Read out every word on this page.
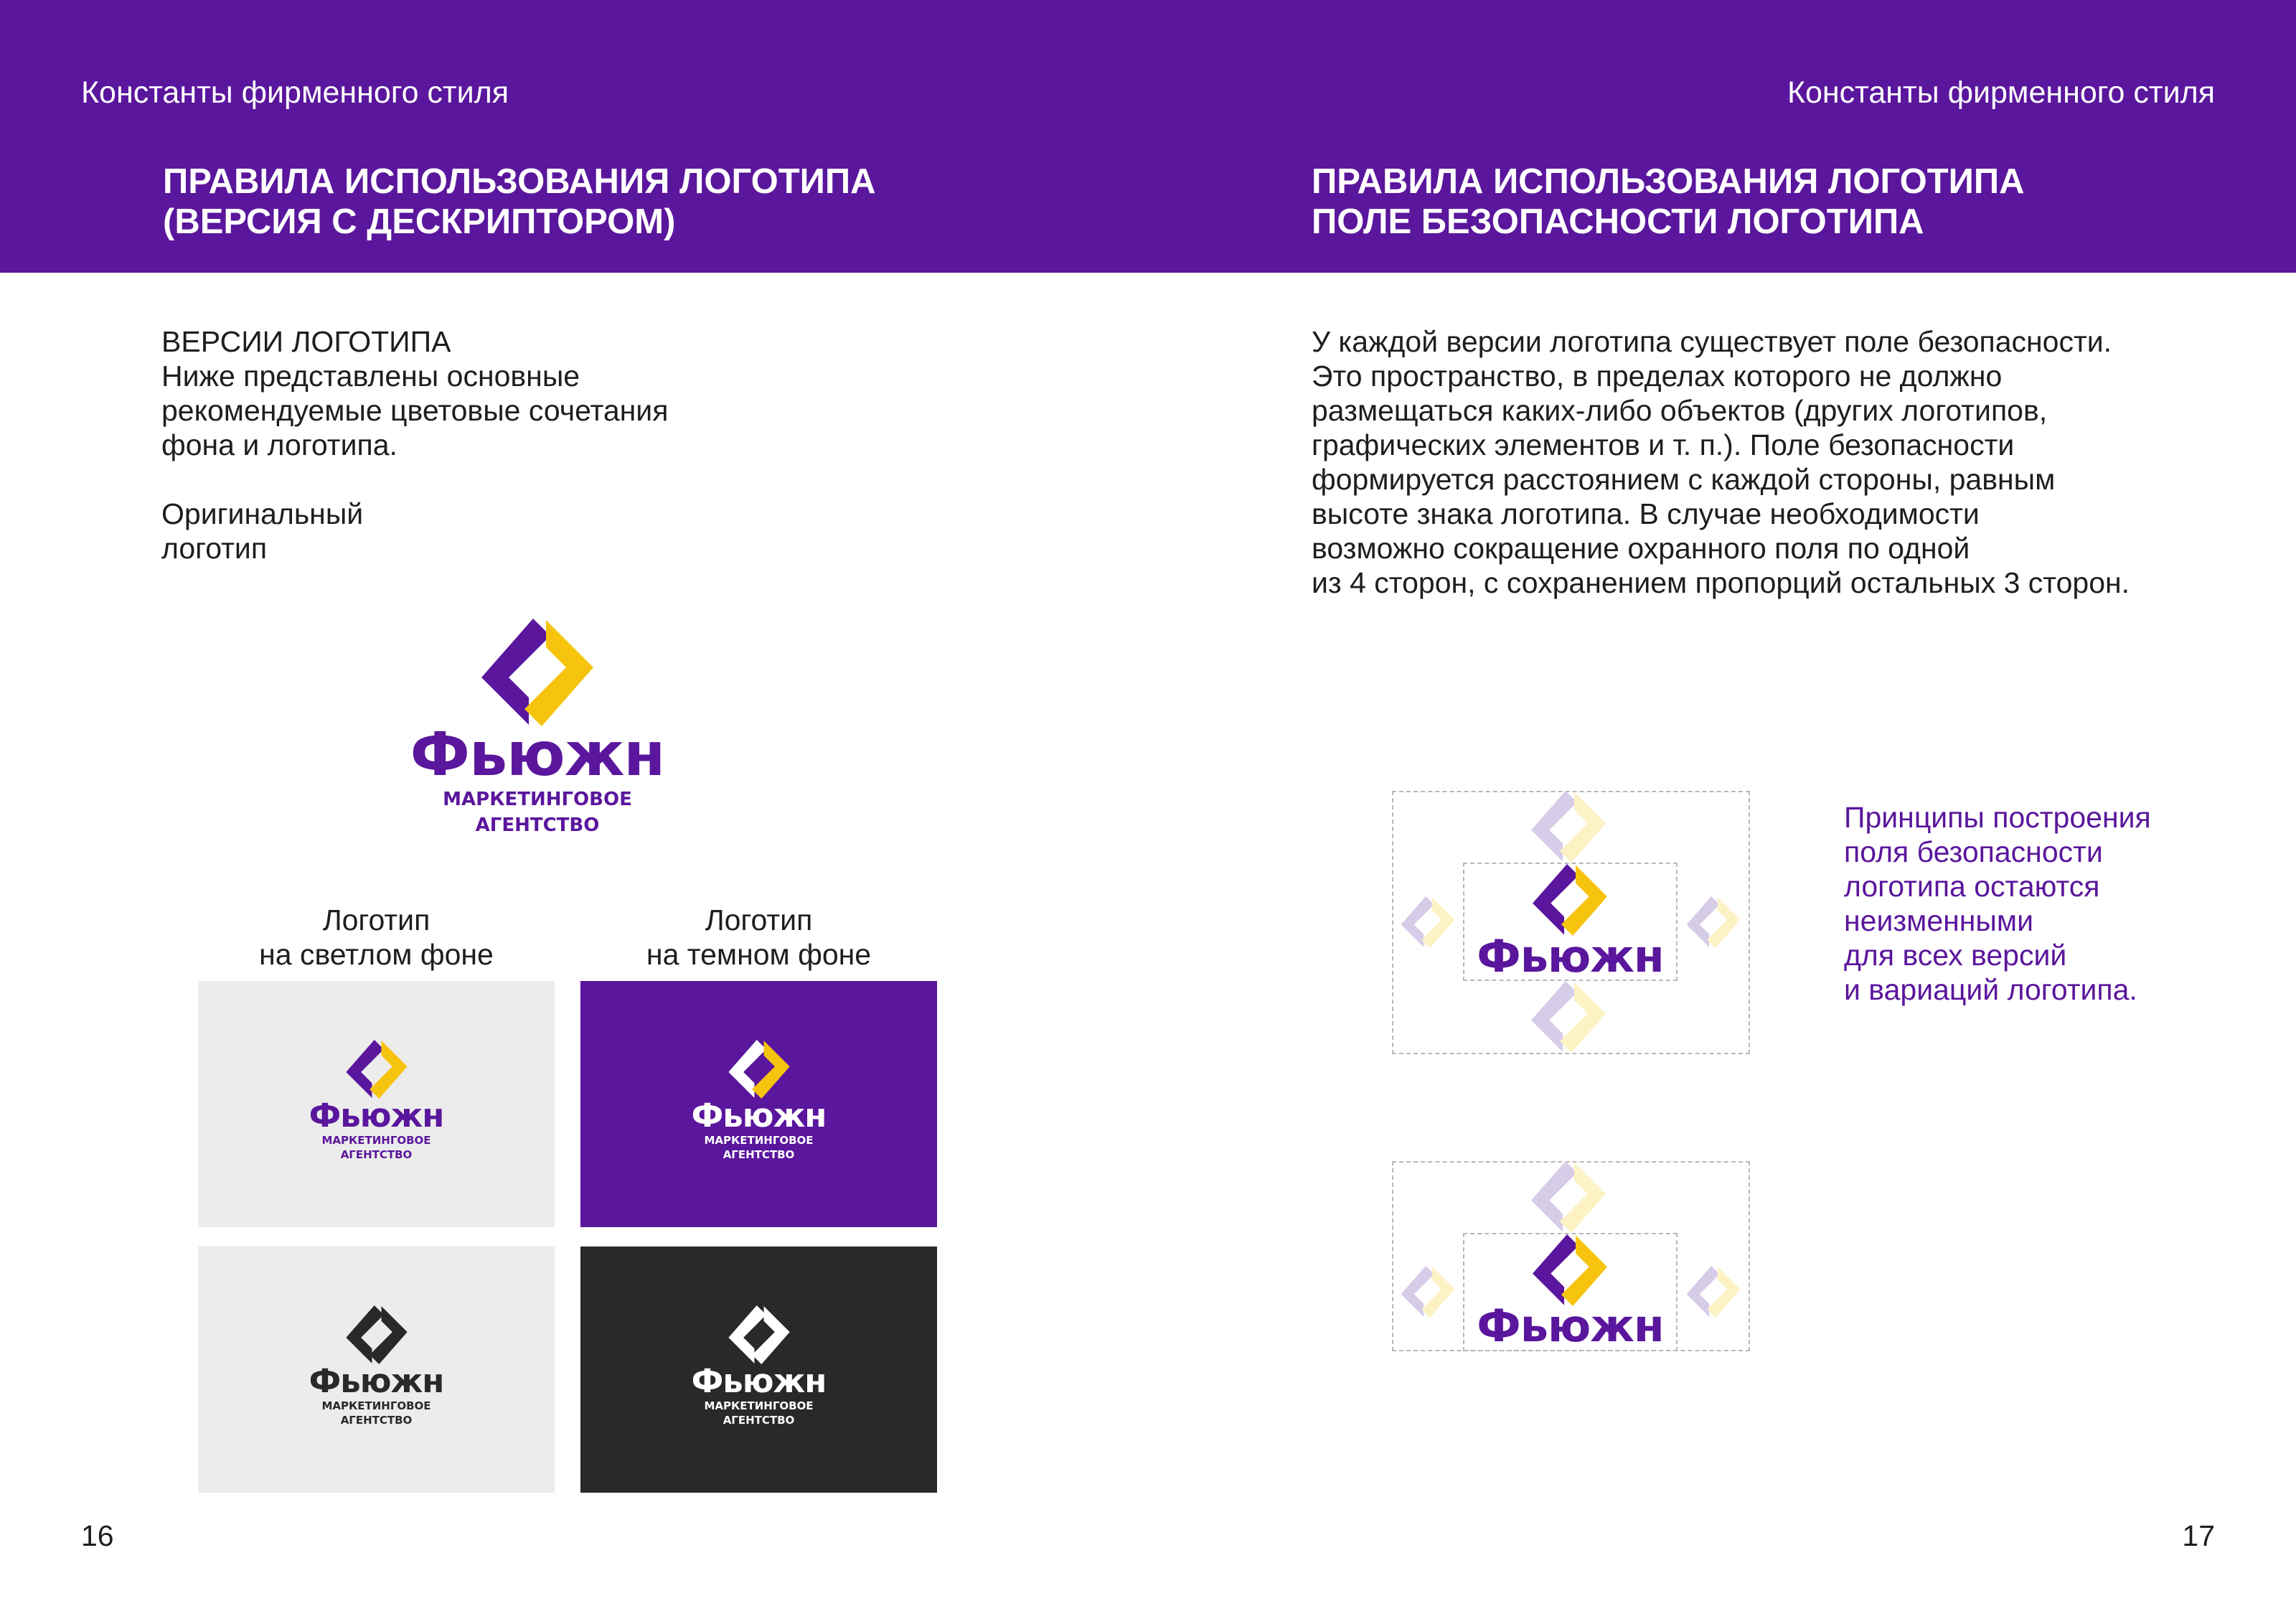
Константы фирменного стиля	Константы фирменного стиля
ПРАВИЛА ИСПОЛЬЗОВАНИЯ ЛОГОТИПА
(ВЕРСИЯ С ДЕСКРИПТОРОМ)
ПРАВИЛА ИСПОЛЬЗОВАНИЯ ЛОГОТИПА
ПОЛЕ БЕЗОПАСНОСТИ ЛОГОТИПА
ВЕРСИИ ЛОГОТИПА
Ниже представлены основные
рекомендуемые цветовые сочетания
фона и логотипа.
Оригинальный
логотип
Фьюжн
МАРКЕТИНГОВОЕ
АГЕНТСТВО
Логотип
на светлом фоне
Логотип
на темном фоне
Фьюжн
МАРКЕТИНГОВОЕ
АГЕНТСТВО
Фьюжн
МАРКЕТИНГОВОЕ
АГЕНТСТВО
Фьюжн
МАРКЕТИНГОВОЕ
АГЕНТСТВО
Фьюжн
МАРКЕТИНГОВОЕ
АГЕНТСТВО
16
У каждой версии логотипа существует поле безопасности.
Это пространство, в пределах которого не должно
размещаться каких-либо объектов (других логотипов,
графических элементов и т. п.). Поле безопасности
формируется расстоянием с каждой стороны, равным
высоте знака логотипа. В случае необходимости
возможно сокращение охранного поля по одной
из 4 сторон, с сохранением пропорций остальных 3 сторон.
Фьюжн
Фьюжн
Принципы построения
поля безопасности
логотипа остаются
неизменными
для всех версий
и вариаций логотипа.
17
